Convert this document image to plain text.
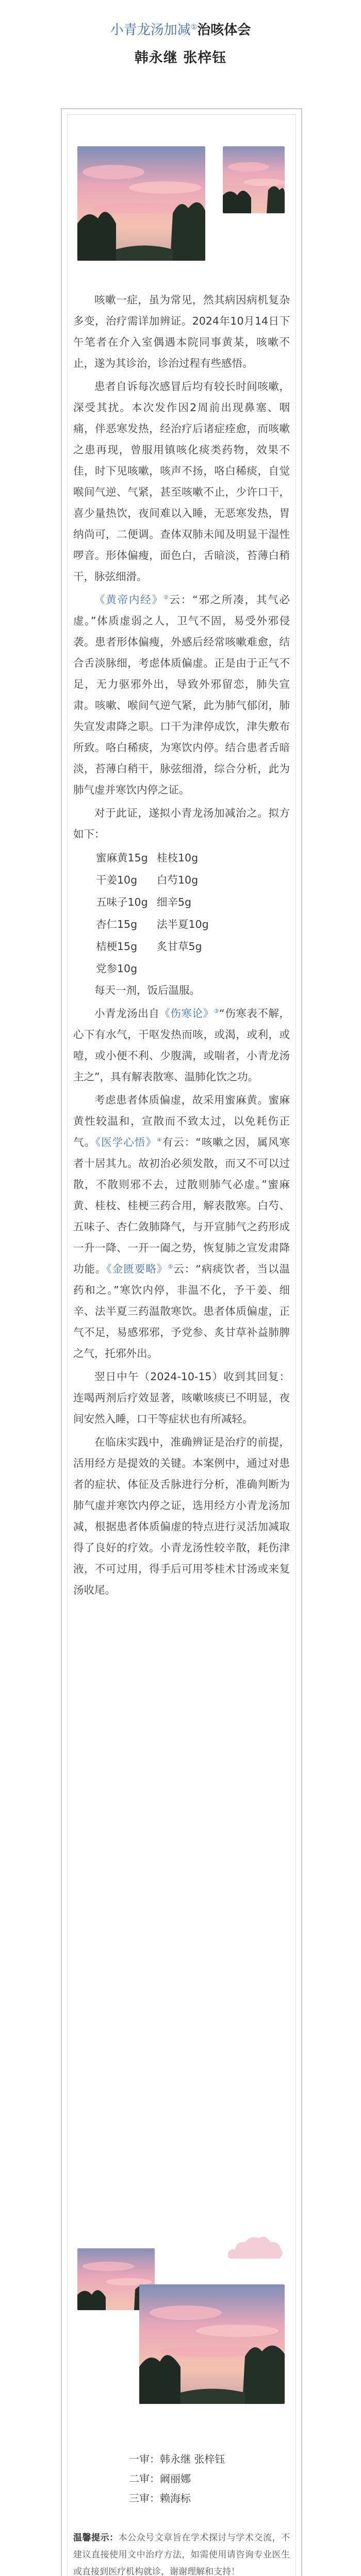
小青龙汤加减①治咳体会
韩永继 张梓钰

咳嗽一症，虽为常见，然其病因病机复杂多变，治疗需详加辨证。2024年10月14日下午笔者在介入室偶遇本院同事黄某，咳嗽不止，遂为其诊治，诊治过程有些感悟。

患者自诉每次感冒后均有较长时间咳嗽，深受其扰。本次发作因2周前出现鼻塞、咽痛，伴恶寒发热，经治疗后诸症痊愈，而咳嗽之患再现，曾服用镇咳化痰类药物，效果不佳，时下见咳嗽，咳声不扬，咯白稀痰，自觉喉间气逆、气紧，甚至咳嗽不止，少许口干，喜少量热饮，夜间难以入睡，无恶寒发热，胃纳尚可，二便调。查体双肺未闻及明显干湿性啰音。形体偏瘦，面色白，舌暗淡，苔薄白稍干，脉弦细滑。

《黄帝内经》②云：“邪之所凑，其气必虚。”体质虚弱之人，卫气不固，易受外邪侵袭。患者形体偏瘦，外感后经常咳嗽难愈，结合舌淡脉细，考虑体质偏虚。正是由于正气不足，无力驱邪外出，导致外邪留恋，肺失宣肃。咳嗽、喉间气逆气紧，此为肺气郁闭，肺失宣发肃降之职。口干为津停成饮，津失敷布所致。咯白稀痰，为寒饮内停。结合患者舌暗淡，苔薄白稍干，脉弦细滑，综合分析，此为肺气虚并寒饮内停之证。

对于此证，遂拟小青龙汤加减治之。拟方如下：

蜜麻黄15g 桂枝10g
干姜10g	白芍10g
五味子10g 细辛5g
杏仁15g	法半夏10g
桔梗15g	炙甘草5g
党参10g

每天一剂，饭后温服。

小青龙汤出自《伤寒论》③“伤寒表不解，心下有水气，干呕发热而咳，或渴，或利，或噎，或小便不利、少腹满，或喘者，小青龙汤主之”，具有解表散寒、温肺化饮之功。

考虑患者体质偏虚，故采用蜜麻黄。蜜麻黄性较温和，宣散而不致太过，以免耗伤正气。《医学心悟》④有云：“咳嗽之因，属风寒者十居其九。故初治必须发散，而又不可以过散，不散则邪不去，过散则肺气必虚。”蜜麻黄、桂枝、桂梗三药合用，解表散寒。白芍、五味子、杏仁敛肺降气，与开宣肺气之药形成一升一降、一开一阖之势，恢复肺之宣发肃降功能。《金匮要略》⑤云：“病痰饮者，当以温药和之。”寒饮内停，非温不化，予干姜、细辛、法半夏三药温散寒饮。患者体质偏虚，正气不足，易感邪邪，予党参、炙甘草补益肺脾之气，托邪外出。

翌日中午（2024-10-15）收到其回复：连喝两剂后疗效显著，咳嗽咳痰已不明显，夜间安然入睡，口干等症状也有所减轻。

在临床实践中，准确辨证是治疗的前提，活用经方是提效的关键。本案例中，通过对患者的症状、体征及舌脉进行分析，准确判断为肺气虚并寒饮内停之证，选用经方小青龙汤加减，根据患者体质偏虚的特点进行灵活加减取得了良好的疗效。小青龙汤性较辛散，耗伤津液，不可过用，得手后可用苓桂术甘汤或来复汤收尾。

一审：韩永继 张梓钰
二审：阚丽娜
三审：赖海标
温馨提示：本公众号文章旨在学术探讨与学术交流，不建议直接使用文中治疗方法，如需使用请咨询专业医生或直接到医疗机构就诊，谢谢理解和支持！
